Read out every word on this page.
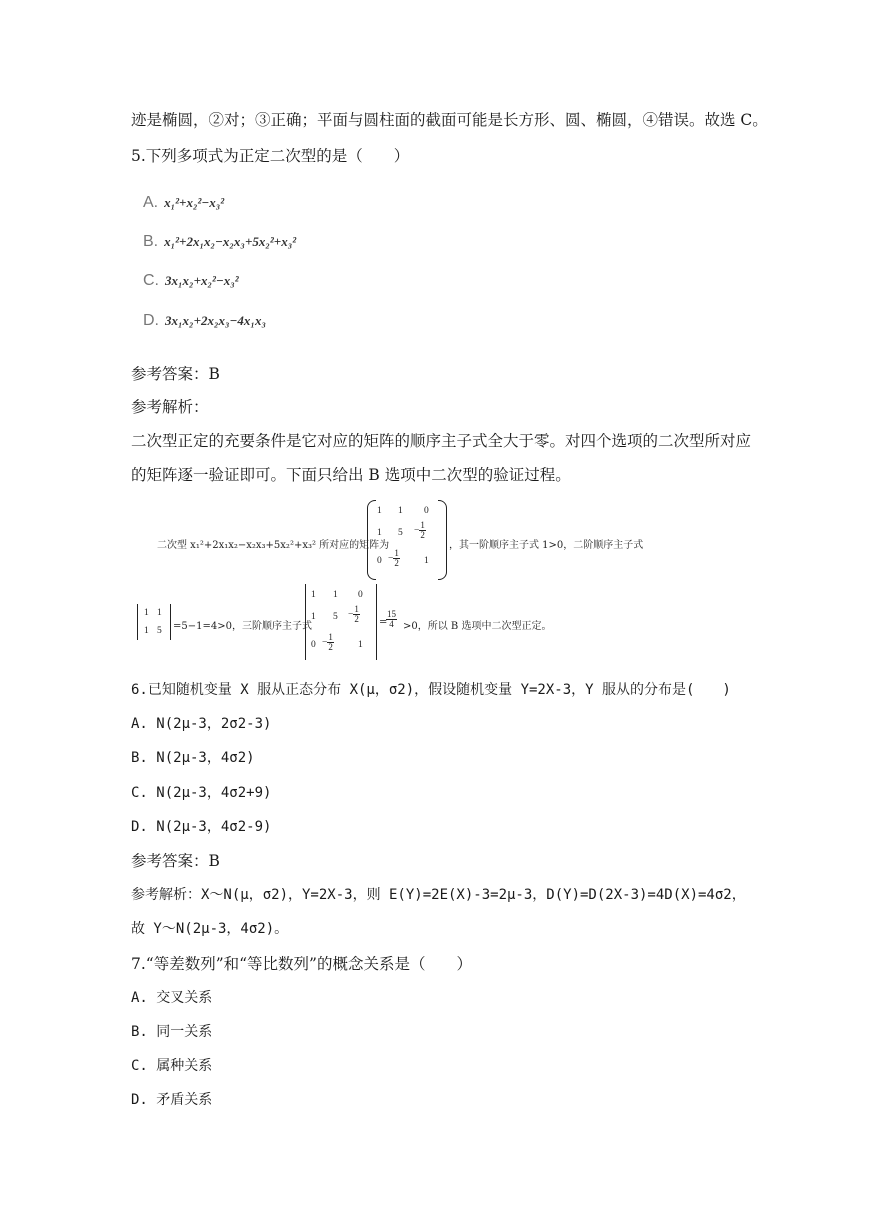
迹是椭圆，②对；③正确；平面与圆柱面的截面可能是长方形、圆、椭圆，④错误。故选 C。
5.下列多项式为正定二次型的是（　　）
A. x₁²+x₂²−x₃²
B. x₁²+2x₁x₂−x₂x₃+5x₂²+x₃²
C. 3x₁x₂+x₂²−x₃²
D. 3x₁x₂+2x₂x₃−4x₁x₃
参考答案：B
参考解析：
二次型正定的充要条件是它对应的矩阵的顺序主子式全大于零。对四个选项的二次型所对应
的矩阵逐一验证即可。下面只给出 B 选项中二次型的验证过程。
二次型 x₁²+2x₁x₂−x₂x₃+5x₂²+x₃² 所对应的矩阵为
1 1 0
1 $5 - \frac{1}{2}$
$0 - \frac{1}{2}$	1
，其一阶顺序主子式 1>0，二阶顺序主子式
1 1
1 5 =5−1=4>0，三阶顺序主子式
1 1 0
1 $5 - \frac{1}{2}$
$0 - \frac{1}{2}$	1
=
$\frac{15}{4} >0$，所以 B 选项中二次型正定。
6.已知随机变量 X 服从正态分布 X(μ，σ2)，假设随机变量 Y=2X-3，Y 服从的分布是(　　)
A. N(2μ-3，2σ2-3)
B. N(2μ-3，4σ2)
C. N(2μ-3，4σ2+9)
D. N(2μ-3，4σ2-9)
参考答案：B
参考解析：X～N(μ，σ2)，Y=2X-3，则 E(Y)=2E(X)-3=2μ-3，D(Y)=D(2X-3)=4D(X)=4σ2，
故 Y～N(2μ-3，4σ2)。
7.“等差数列”和“等比数列”的概念关系是（　　）
A. 交叉关系
B. 同一关系
C. 属种关系
D. 矛盾关系
